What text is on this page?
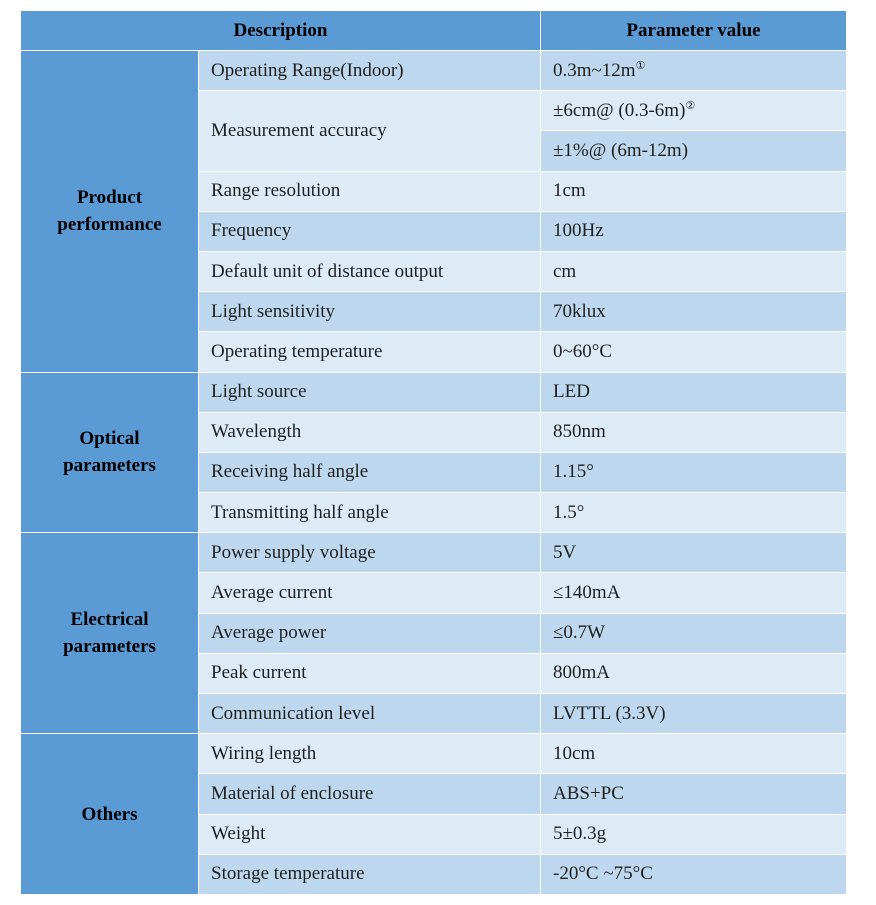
Description		Parameter value
Product performance	Operating Range(Indoor)	0.3m~12m①
	Measurement accuracy	±6cm@ (0.3-6m)②
		±1%@ (6m-12m)
	Range resolution	1cm
	Frequency	100Hz
	Default unit of distance output	cm
	Light sensitivity	70klux
	Operating temperature	0~60°C
Optical parameters	Light source	LED
	Wavelength	850nm
	Receiving half angle	1.15°
	Transmitting half angle	1.5°
Electrical parameters	Power supply voltage	5V
	Average current	≤140mA
	Average power	≤0.7W
	Peak current	800mA
	Communication level	LVTTL (3.3V)
Others	Wiring length	10cm
	Material of enclosure	ABS+PC
	Weight	5±0.3g
	Storage temperature	-20°C ~75°C
